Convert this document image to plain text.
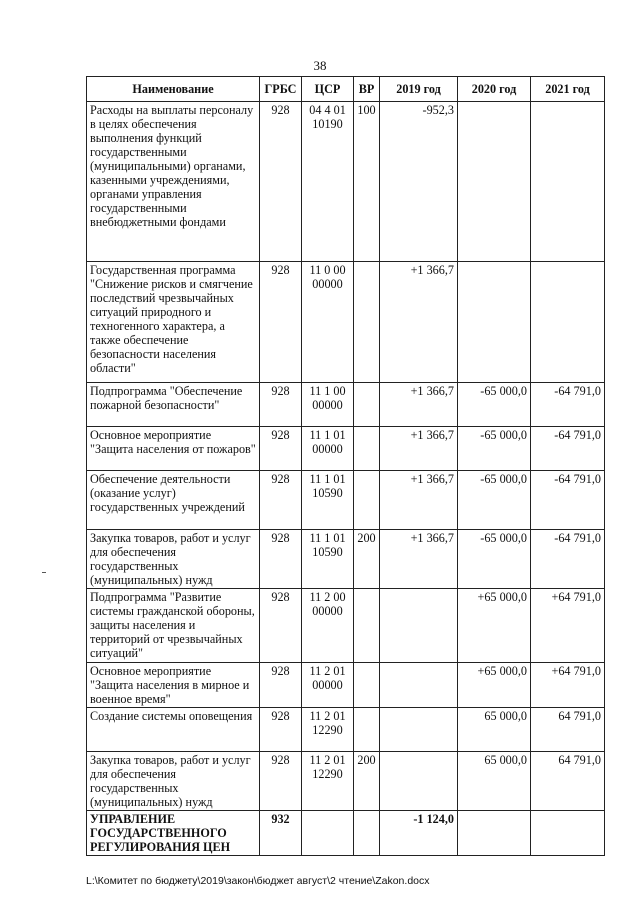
38
Наименование	ГРБС	ЦСР	ВР	2019 год	2020 год	2021 год
Расходы на выплаты персоналу в целях обеспечения выполнения функций государственными (муниципальными) органами, казенными учреждениями, органами управления государственными внебюджетными фондами	928	04 4 01 10190	100	-952,3		
Государственная программа "Снижение рисков и смягчение последствий чрезвычайных ситуаций природного и техногенного характера, а также обеспечение безопасности населения области"	928	11 0 00 00000		+1 366,7		
Подпрограмма "Обеспечение пожарной безопасности"	928	11 1 00 00000		+1 366,7	-65 000,0	-64 791,0
Основное мероприятие "Защита населения от пожаров"	928	11 1 01 00000		+1 366,7	-65 000,0	-64 791,0
Обеспечение деятельности (оказание услуг) государственных учреждений	928	11 1 01 10590		+1 366,7	-65 000,0	-64 791,0
Закупка товаров, работ и услуг для обеспечения государственных (муниципальных) нужд	928	11 1 01 10590	200	+1 366,7	-65 000,0	-64 791,0
Подпрограмма "Развитие системы гражданской обороны, защиты населения и территорий от чрезвычайных ситуаций"	928	11 2 00 00000			+65 000,0	+64 791,0
Основное мероприятие "Защита населения в мирное и военное время"	928	11 2 01 00000			+65 000,0	+64 791,0
Создание системы оповещения	928	11 2 01 12290			65 000,0	64 791,0
Закупка товаров, работ и услуг для обеспечения государственных (муниципальных) нужд	928	11 2 01 12290	200		65 000,0	64 791,0
УПРАВЛЕНИЕ ГОСУДАРСТВЕННОГО РЕГУЛИРОВАНИЯ ЦЕН	932			-1 124,0		
L:\Комитет по бюджету\2019\закон\бюджет август\2 чтение\Zakon.docx
